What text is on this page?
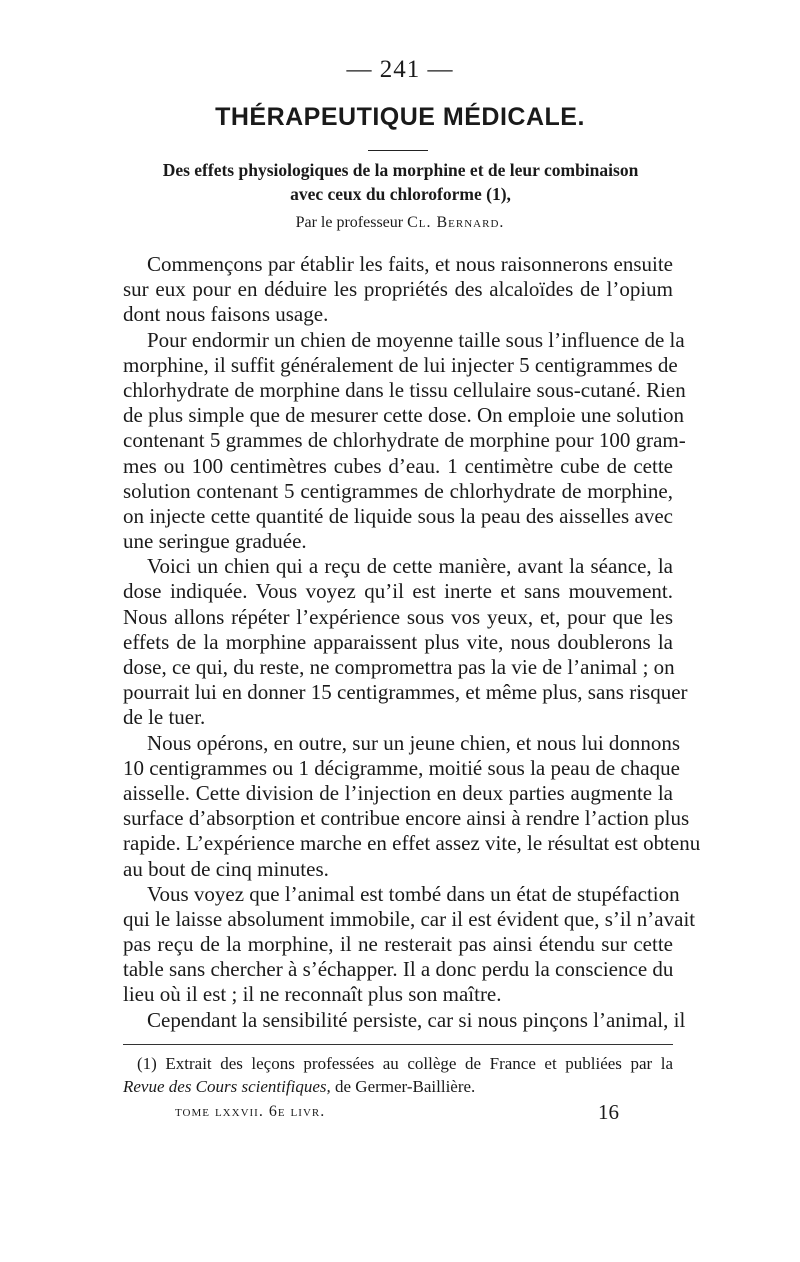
— 241 —
THÉRAPEUTIQUE MÉDICALE.
Des effets physiologiques de la morphine et de leur combinaison
avec ceux du chloroforme (1),
Par le professeur Cl. Bernard.
Commençons par établir les faits, et nous raisonnerons ensuite
sur eux pour en déduire les propriétés des alcaloïdes de l’opium
dont nous faisons usage.
Pour endormir un chien de moyenne taille sous l’influence de la
morphine, il suffit généralement de lui injecter 5 centigrammes de
chlorhydrate de morphine dans le tissu cellulaire sous-cutané. Rien
de plus simple que de mesurer cette dose. On emploie une solution
contenant 5 grammes de chlorhydrate de morphine pour 100 gram-
mes ou 100 centimètres cubes d’eau. 1 centimètre cube de cette
solution contenant 5 centigrammes de chlorhydrate de morphine,
on injecte cette quantité de liquide sous la peau des aisselles avec
une seringue graduée.
Voici un chien qui a reçu de cette manière, avant la séance, la
dose indiquée. Vous voyez qu’il est inerte et sans mouvement.
Nous allons répéter l’expérience sous vos yeux, et, pour que les
effets de la morphine apparaissent plus vite, nous doublerons la
dose, ce qui, du reste, ne compromettra pas la vie de l’animal ; on
pourrait lui en donner 15 centigrammes, et même plus, sans risquer
de le tuer.
Nous opérons, en outre, sur un jeune chien, et nous lui donnons
10 centigrammes ou 1 décigramme, moitié sous la peau de chaque
aisselle. Cette division de l’injection en deux parties augmente la
surface d’absorption et contribue encore ainsi à rendre l’action plus
rapide. L’expérience marche en effet assez vite, le résultat est obtenu
au bout de cinq minutes.
Vous voyez que l’animal est tombé dans un état de stupéfaction
qui le laisse absolument immobile, car il est évident que, s’il n’avait
pas reçu de la morphine, il ne resterait pas ainsi étendu sur cette
table sans chercher à s’échapper. Il a donc perdu la conscience du
lieu où il est ; il ne reconnaît plus son maître.
Cependant la sensibilité persiste, car si nous pinçons l’animal, il
(1) Extrait des leçons professées au collège de France et publiées par la
Revue des Cours scientifiques, de Germer-Baillière.
tome lxxvii. 6e livr.	16
